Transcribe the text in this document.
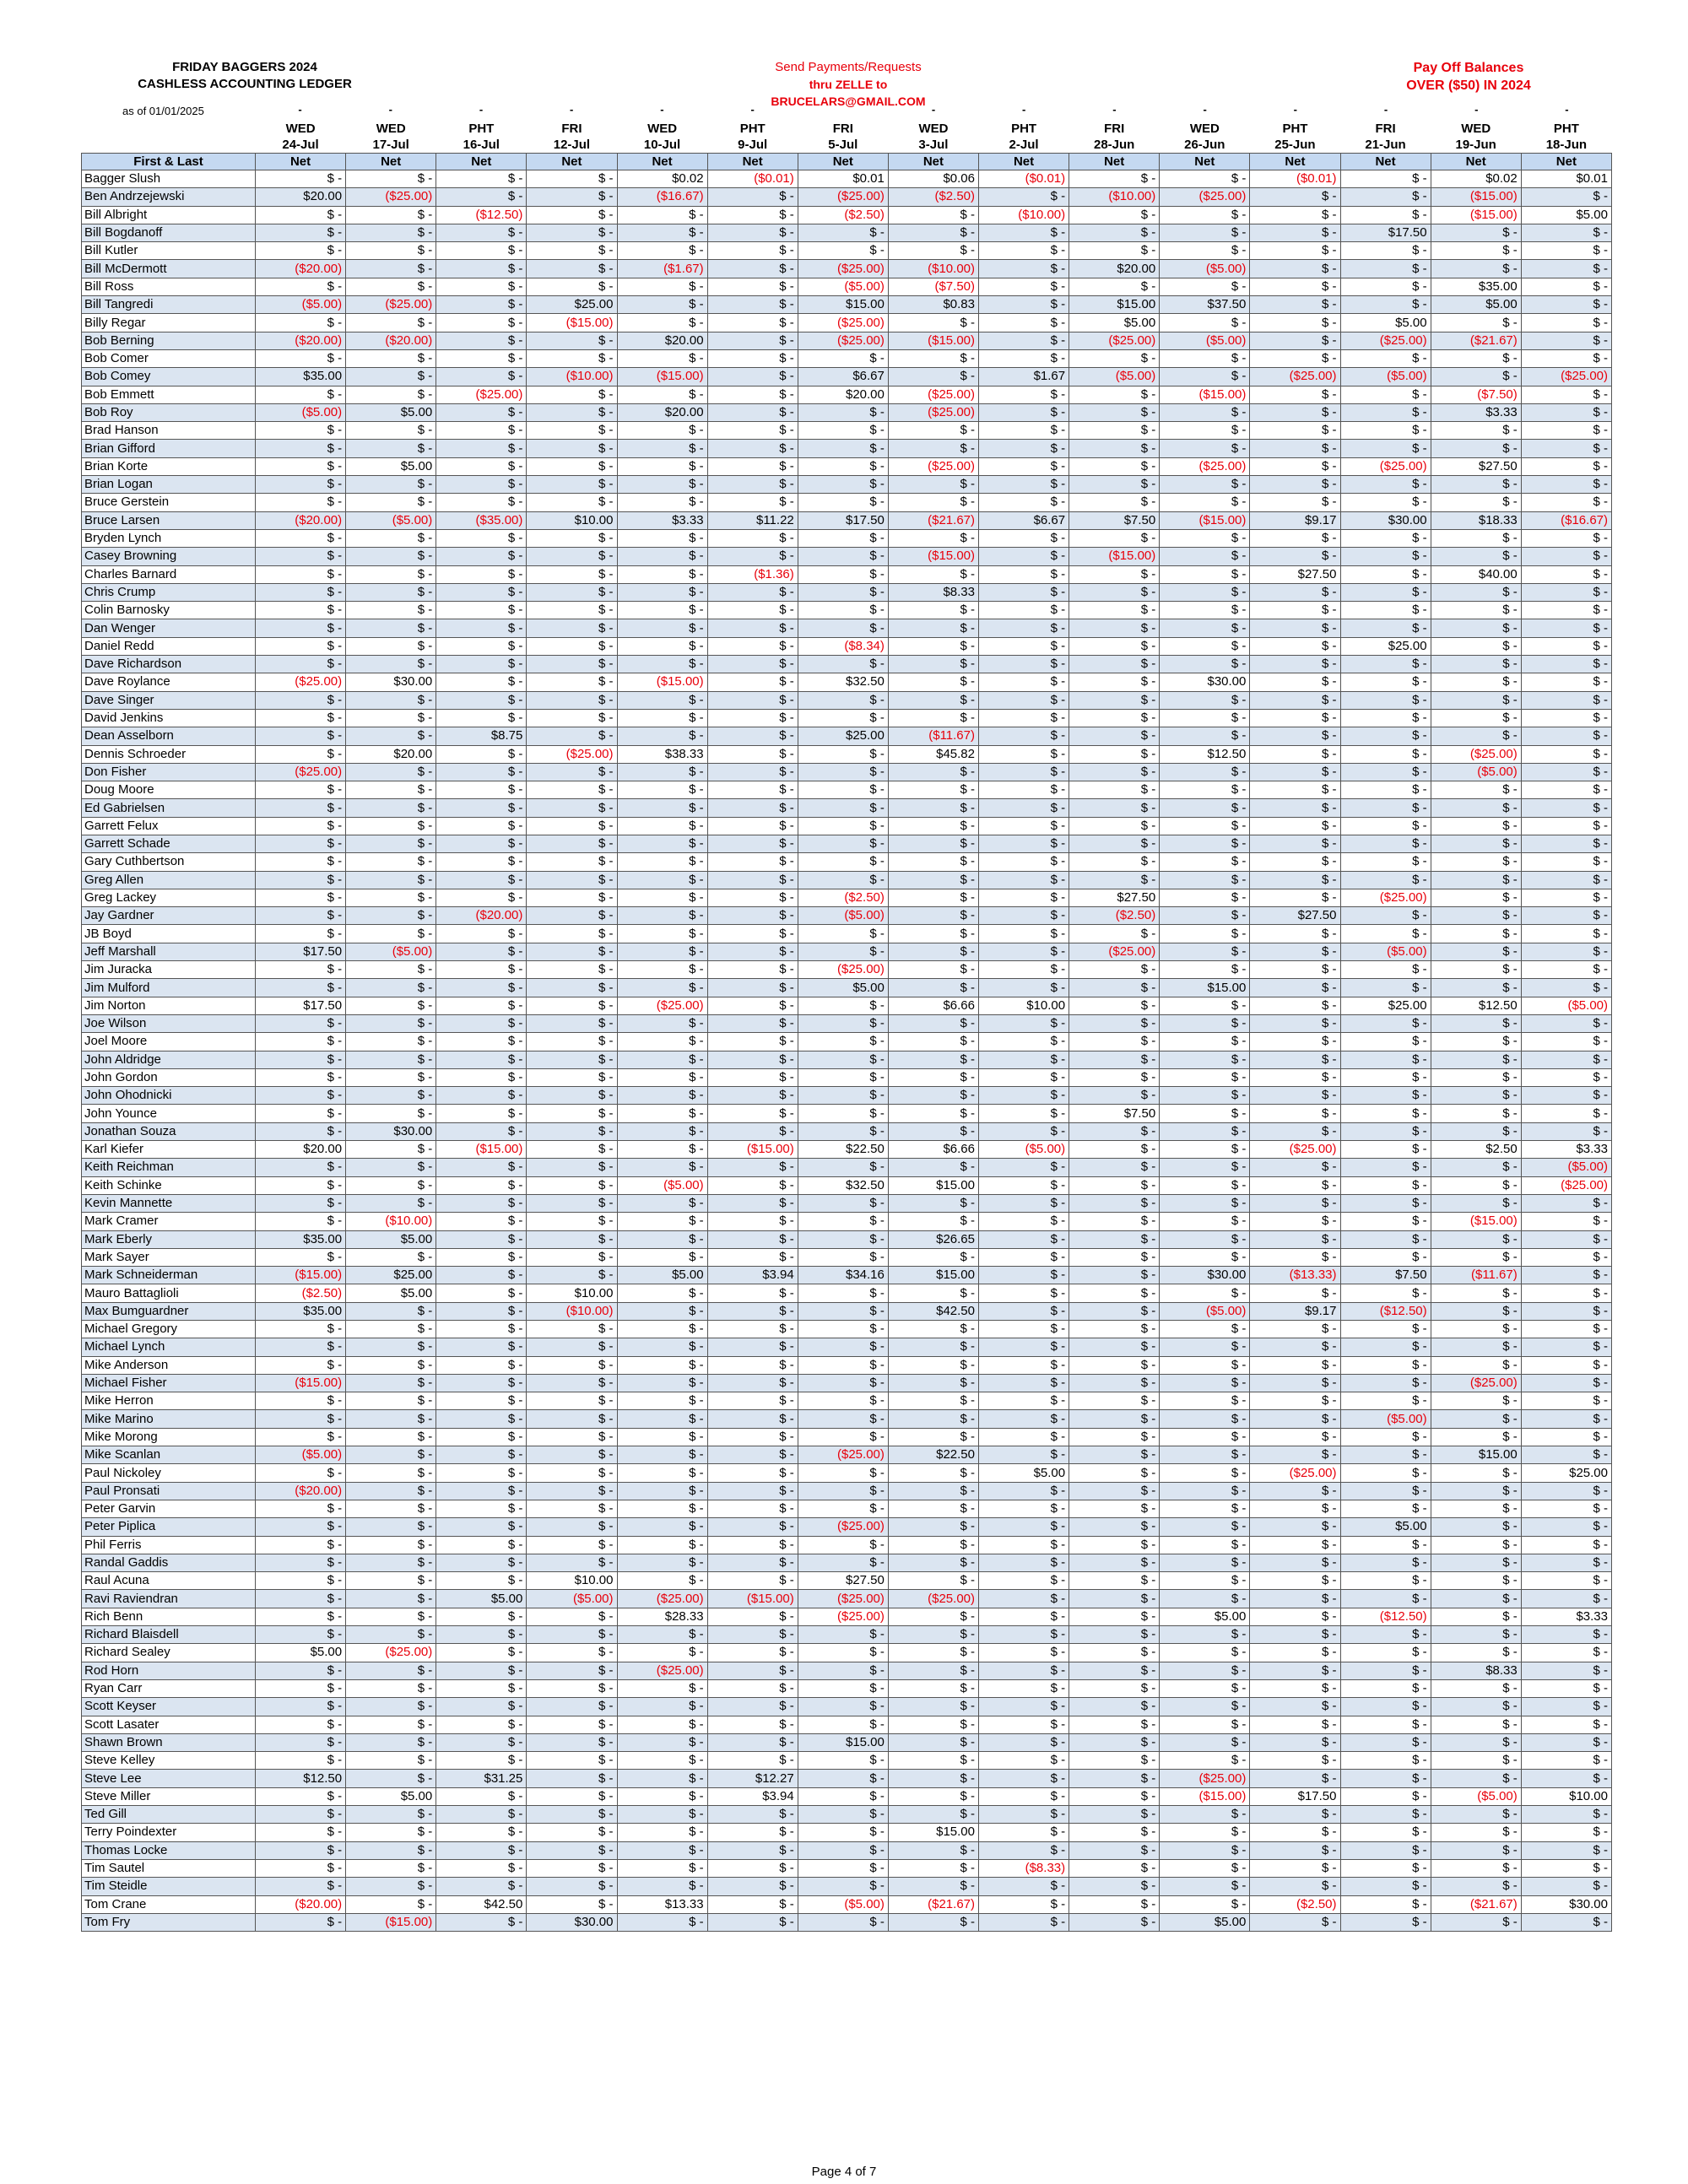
FRIDAY BAGGERS 2024
CASHLESS ACCOUNTING LEDGER
as of 01/01/2025
Send Payments/Requests
thru ZELLE to
BRUCELARS@GMAIL.COM
Pay Off Balances
OVER ($50) IN 2024
-	-	-	-	-	-	-	-	-	-	-	-	-	-
	WED	WED	PHT	FRI	WED	PHT	FRI	WED	PHT	FRI	WED	PHT	FRI	WED	PHT
	24-Jul	17-Jul	16-Jul	12-Jul	10-Jul	9-Jul	5-Jul	3-Jul	2-Jul	28-Jun	26-Jun	25-Jun	21-Jun	19-Jun	18-Jun
First & Last	Net	Net	Net	Net	Net	Net	Net	Net	Net	Net	Net	Net	Net	Net	Net
Bagger Slush	$ -	$ -	$ -	$ -	$0.02	($0.01)	$0.01	$0.06	($0.01)	$ -	$ -	($0.01)	$ -	$0.02	$0.01
Ben Andrzejewski	$20.00	($25.00)	$ -	$ -	($16.67)	$ -	($25.00)	($2.50)	$ -	($10.00)	($25.00)	$ -	$ -	($15.00)	$ -
Bill Albright	$ -	$ -	($12.50)	$ -	$ -	$ -	($2.50)	$ -	($10.00)	$ -	$ -	$ -	$ -	($15.00)	$5.00
Bill Bogdanoff	$ -	$ -	$ -	$ -	$ -	$ -	$ -	$ -	$ -	$ -	$ -	$ -	$17.50	$ -	$ -
Bill Kutler	$ -	$ -	$ -	$ -	$ -	$ -	$ -	$ -	$ -	$ -	$ -	$ -	$ -	$ -	$ -
Bill McDermott	($20.00)	$ -	$ -	$ -	($1.67)	$ -	($25.00)	($10.00)	$ -	$20.00	($5.00)	$ -	$ -	$ -	$ -
Bill Ross	$ -	$ -	$ -	$ -	$ -	$ -	($5.00)	($7.50)	$ -	$ -	$ -	$ -	$ -	$35.00	$ -
Bill Tangredi	($5.00)	($25.00)	$ -	$25.00	$ -	$ -	$15.00	$0.83	$ -	$15.00	$37.50	$ -	$ -	$5.00	$ -
Billy Regar	$ -	$ -	$ -	($15.00)	$ -	$ -	($25.00)	$ -	$ -	$5.00	$ -	$ -	$5.00	$ -	$ -
Bob Berning	($20.00)	($20.00)	$ -	$ -	$20.00	$ -	($25.00)	($15.00)	$ -	($25.00)	($5.00)	$ -	($25.00)	($21.67)	$ -
Bob Comer	$ -	$ -	$ -	$ -	$ -	$ -	$ -	$ -	$ -	$ -	$ -	$ -	$ -	$ -	$ -
Bob Comey	$35.00	$ -	$ -	($10.00)	($15.00)	$ -	$6.67	$ -	$1.67	($5.00)	$ -	($25.00)	($5.00)	$ -	($25.00)
Bob Emmett	$ -	$ -	($25.00)	$ -	$ -	$ -	$20.00	($25.00)	$ -	$ -	($15.00)	$ -	$ -	($7.50)	$ -
Bob Roy	($5.00)	$5.00	$ -	$ -	$20.00	$ -	$ -	($25.00)	$ -	$ -	$ -	$ -	$ -	$3.33	$ -
Brad Hanson	$ -	$ -	$ -	$ -	$ -	$ -	$ -	$ -	$ -	$ -	$ -	$ -	$ -	$ -	$ -
Brian Gifford	$ -	$ -	$ -	$ -	$ -	$ -	$ -	$ -	$ -	$ -	$ -	$ -	$ -	$ -	$ -
Brian Korte	$ -	$5.00	$ -	$ -	$ -	$ -	$ -	($25.00)	$ -	$ -	($25.00)	$ -	($25.00)	$27.50	$ -
Brian Logan	$ -	$ -	$ -	$ -	$ -	$ -	$ -	$ -	$ -	$ -	$ -	$ -	$ -	$ -	$ -
Bruce Gerstein	$ -	$ -	$ -	$ -	$ -	$ -	$ -	$ -	$ -	$ -	$ -	$ -	$ -	$ -	$ -
Bruce Larsen	($20.00)	($5.00)	($35.00)	$10.00	$3.33	$11.22	$17.50	($21.67)	$6.67	$7.50	($15.00)	$9.17	$30.00	$18.33	($16.67)
Bryden Lynch	$ -	$ -	$ -	$ -	$ -	$ -	$ -	$ -	$ -	$ -	$ -	$ -	$ -	$ -	$ -
Casey Browning	$ -	$ -	$ -	$ -	$ -	$ -	$ -	($15.00)	$ -	($15.00)	$ -	$ -	$ -	$ -	$ -
Charles Barnard	$ -	$ -	$ -	$ -	$ -	($1.36)	$ -	$ -	$ -	$ -	$ -	$27.50	$ -	$40.00	$ -
Chris Crump	$ -	$ -	$ -	$ -	$ -	$ -	$ -	$8.33	$ -	$ -	$ -	$ -	$ -	$ -	$ -
Colin Barnosky	$ -	$ -	$ -	$ -	$ -	$ -	$ -	$ -	$ -	$ -	$ -	$ -	$ -	$ -	$ -
Dan Wenger	$ -	$ -	$ -	$ -	$ -	$ -	$ -	$ -	$ -	$ -	$ -	$ -	$ -	$ -	$ -
Daniel Redd	$ -	$ -	$ -	$ -	$ -	$ -	($8.34)	$ -	$ -	$ -	$ -	$ -	$25.00	$ -	$ -
Dave Richardson	$ -	$ -	$ -	$ -	$ -	$ -	$ -	$ -	$ -	$ -	$ -	$ -	$ -	$ -	$ -
Dave Roylance	($25.00)	$30.00	$ -	$ -	($15.00)	$ -	$32.50	$ -	$ -	$ -	$30.00	$ -	$ -	$ -	$ -
Dave Singer	$ -	$ -	$ -	$ -	$ -	$ -	$ -	$ -	$ -	$ -	$ -	$ -	$ -	$ -	$ -
David Jenkins	$ -	$ -	$ -	$ -	$ -	$ -	$ -	$ -	$ -	$ -	$ -	$ -	$ -	$ -	$ -
Dean Asselborn	$ -	$ -	$8.75	$ -	$ -	$ -	$25.00	($11.67)	$ -	$ -	$ -	$ -	$ -	$ -	$ -
Dennis Schroeder	$ -	$20.00	$ -	($25.00)	$38.33	$ -	$ -	$45.82	$ -	$ -	$12.50	$ -	$ -	($25.00)	$ -
Don Fisher	($25.00)	$ -	$ -	$ -	$ -	$ -	$ -	$ -	$ -	$ -	$ -	$ -	$ -	($5.00)	$ -
Doug Moore	$ -	$ -	$ -	$ -	$ -	$ -	$ -	$ -	$ -	$ -	$ -	$ -	$ -	$ -	$ -
Ed Gabrielsen	$ -	$ -	$ -	$ -	$ -	$ -	$ -	$ -	$ -	$ -	$ -	$ -	$ -	$ -	$ -
Garrett Felux	$ -	$ -	$ -	$ -	$ -	$ -	$ -	$ -	$ -	$ -	$ -	$ -	$ -	$ -	$ -
Garrett Schade	$ -	$ -	$ -	$ -	$ -	$ -	$ -	$ -	$ -	$ -	$ -	$ -	$ -	$ -	$ -
Gary Cuthbertson	$ -	$ -	$ -	$ -	$ -	$ -	$ -	$ -	$ -	$ -	$ -	$ -	$ -	$ -	$ -
Greg Allen	$ -	$ -	$ -	$ -	$ -	$ -	$ -	$ -	$ -	$ -	$ -	$ -	$ -	$ -	$ -
Greg Lackey	$ -	$ -	$ -	$ -	$ -	$ -	($2.50)	$ -	$ -	$27.50	$ -	$ -	($25.00)	$ -	$ -
Jay Gardner	$ -	$ -	($20.00)	$ -	$ -	$ -	($5.00)	$ -	$ -	($2.50)	$ -	$27.50	$ -	$ -	$ -
JB Boyd	$ -	$ -	$ -	$ -	$ -	$ -	$ -	$ -	$ -	$ -	$ -	$ -	$ -	$ -	$ -
Jeff Marshall	$17.50	($5.00)	$ -	$ -	$ -	$ -	$ -	$ -	$ -	($25.00)	$ -	$ -	($5.00)	$ -	$ -
Jim Juracka	$ -	$ -	$ -	$ -	$ -	$ -	($25.00)	$ -	$ -	$ -	$ -	$ -	$ -	$ -	$ -
Jim Mulford	$ -	$ -	$ -	$ -	$ -	$ -	$5.00	$ -	$ -	$ -	$15.00	$ -	$ -	$ -	$ -
Jim Norton	$17.50	$ -	$ -	$ -	($25.00)	$ -	$ -	$6.66	$10.00	$ -	$ -	$ -	$25.00	$12.50	($5.00)
Joe Wilson	$ -	$ -	$ -	$ -	$ -	$ -	$ -	$ -	$ -	$ -	$ -	$ -	$ -	$ -	$ -
Joel Moore	$ -	$ -	$ -	$ -	$ -	$ -	$ -	$ -	$ -	$ -	$ -	$ -	$ -	$ -	$ -
John Aldridge	$ -	$ -	$ -	$ -	$ -	$ -	$ -	$ -	$ -	$ -	$ -	$ -	$ -	$ -	$ -
John Gordon	$ -	$ -	$ -	$ -	$ -	$ -	$ -	$ -	$ -	$ -	$ -	$ -	$ -	$ -	$ -
John Ohodnicki	$ -	$ -	$ -	$ -	$ -	$ -	$ -	$ -	$ -	$ -	$ -	$ -	$ -	$ -	$ -
John Younce	$ -	$ -	$ -	$ -	$ -	$ -	$ -	$ -	$ -	$7.50	$ -	$ -	$ -	$ -	$ -
Jonathan Souza	$ -	$30.00	$ -	$ -	$ -	$ -	$ -	$ -	$ -	$ -	$ -	$ -	$ -	$ -	$ -
Karl Kiefer	$20.00	$ -	($15.00)	$ -	$ -	($15.00)	$22.50	$6.66	($5.00)	$ -	$ -	($25.00)	$ -	$2.50	$3.33
Keith Reichman	$ -	$ -	$ -	$ -	$ -	$ -	$ -	$ -	$ -	$ -	$ -	$ -	$ -	$ -	($5.00)
Keith Schinke	$ -	$ -	$ -	$ -	($5.00)	$ -	$32.50	$15.00	$ -	$ -	$ -	$ -	$ -	$ -	($25.00)
Kevin Mannette	$ -	$ -	$ -	$ -	$ -	$ -	$ -	$ -	$ -	$ -	$ -	$ -	$ -	$ -	$ -
Mark Cramer	$ -	($10.00)	$ -	$ -	$ -	$ -	$ -	$ -	$ -	$ -	$ -	$ -	$ -	($15.00)	$ -
Mark Eberly	$35.00	$5.00	$ -	$ -	$ -	$ -	$ -	$26.65	$ -	$ -	$ -	$ -	$ -	$ -	$ -
Mark Sayer	$ -	$ -	$ -	$ -	$ -	$ -	$ -	$ -	$ -	$ -	$ -	$ -	$ -	$ -	$ -
Mark Schneiderman	($15.00)	$25.00	$ -	$ -	$5.00	$3.94	$34.16	$15.00	$ -	$ -	$30.00	($13.33)	$7.50	($11.67)	$ -
Mauro Battaglioli	($2.50)	$5.00	$ -	$10.00	$ -	$ -	$ -	$ -	$ -	$ -	$ -	$ -	$ -	$ -	$ -
Max Bumguardner	$35.00	$ -	$ -	($10.00)	$ -	$ -	$ -	$42.50	$ -	$ -	($5.00)	$9.17	($12.50)	$ -	$ -
Michael Gregory	$ -	$ -	$ -	$ -	$ -	$ -	$ -	$ -	$ -	$ -	$ -	$ -	$ -	$ -	$ -
Michael Lynch	$ -	$ -	$ -	$ -	$ -	$ -	$ -	$ -	$ -	$ -	$ -	$ -	$ -	$ -	$ -
Mike Anderson	$ -	$ -	$ -	$ -	$ -	$ -	$ -	$ -	$ -	$ -	$ -	$ -	$ -	$ -	$ -
Michael Fisher	($15.00)	$ -	$ -	$ -	$ -	$ -	$ -	$ -	$ -	$ -	$ -	$ -	$ -	($25.00)	$ -
Mike Herron	$ -	$ -	$ -	$ -	$ -	$ -	$ -	$ -	$ -	$ -	$ -	$ -	$ -	$ -	$ -
Mike Marino	$ -	$ -	$ -	$ -	$ -	$ -	$ -	$ -	$ -	$ -	$ -	$ -	($5.00)	$ -	$ -
Mike Morong	$ -	$ -	$ -	$ -	$ -	$ -	$ -	$ -	$ -	$ -	$ -	$ -	$ -	$ -	$ -
Mike Scanlan	($5.00)	$ -	$ -	$ -	$ -	$ -	($25.00)	$22.50	$ -	$ -	$ -	$ -	$ -	$15.00	$ -
Paul Nickoley	$ -	$ -	$ -	$ -	$ -	$ -	$ -	$ -	$5.00	$ -	$ -	($25.00)	$ -	$ -	$25.00
Paul Pronsati	($20.00)	$ -	$ -	$ -	$ -	$ -	$ -	$ -	$ -	$ -	$ -	$ -	$ -	$ -	$ -
Peter Garvin	$ -	$ -	$ -	$ -	$ -	$ -	$ -	$ -	$ -	$ -	$ -	$ -	$ -	$ -	$ -
Peter Piplica	$ -	$ -	$ -	$ -	$ -	$ -	($25.00)	$ -	$ -	$ -	$ -	$ -	$5.00	$ -	$ -
Phil Ferris	$ -	$ -	$ -	$ -	$ -	$ -	$ -	$ -	$ -	$ -	$ -	$ -	$ -	$ -	$ -
Randal Gaddis	$ -	$ -	$ -	$ -	$ -	$ -	$ -	$ -	$ -	$ -	$ -	$ -	$ -	$ -	$ -
Raul Acuna	$ -	$ -	$ -	$10.00	$ -	$ -	$27.50	$ -	$ -	$ -	$ -	$ -	$ -	$ -	$ -
Ravi Raviendran	$ -	$ -	$5.00	($5.00)	($25.00)	($15.00)	($25.00)	($25.00)	$ -	$ -	$ -	$ -	$ -	$ -	$ -
Rich Benn	$ -	$ -	$ -	$ -	$28.33	$ -	($25.00)	$ -	$ -	$ -	$5.00	$ -	($12.50)	$ -	$3.33
Richard Blaisdell	$ -	$ -	$ -	$ -	$ -	$ -	$ -	$ -	$ -	$ -	$ -	$ -	$ -	$ -	$ -
Richard Sealey	$5.00	($25.00)	$ -	$ -	$ -	$ -	$ -	$ -	$ -	$ -	$ -	$ -	$ -	$ -	$ -
Rod Horn	$ -	$ -	$ -	$ -	($25.00)	$ -	$ -	$ -	$ -	$ -	$ -	$ -	$ -	$8.33	$ -
Ryan Carr	$ -	$ -	$ -	$ -	$ -	$ -	$ -	$ -	$ -	$ -	$ -	$ -	$ -	$ -	$ -
Scott Keyser	$ -	$ -	$ -	$ -	$ -	$ -	$ -	$ -	$ -	$ -	$ -	$ -	$ -	$ -	$ -
Scott Lasater	$ -	$ -	$ -	$ -	$ -	$ -	$ -	$ -	$ -	$ -	$ -	$ -	$ -	$ -	$ -
Shawn Brown	$ -	$ -	$ -	$ -	$ -	$ -	$15.00	$ -	$ -	$ -	$ -	$ -	$ -	$ -	$ -
Steve Kelley	$ -	$ -	$ -	$ -	$ -	$ -	$ -	$ -	$ -	$ -	$ -	$ -	$ -	$ -	$ -
Steve Lee	$12.50	$ -	$31.25	$ -	$ -	$12.27	$ -	$ -	$ -	$ -	($25.00)	$ -	$ -	$ -	$ -
Steve Miller	$ -	$5.00	$ -	$ -	$ -	$3.94	$ -	$ -	$ -	$ -	($15.00)	$17.50	$ -	($5.00)	$10.00
Ted Gill	$ -	$ -	$ -	$ -	$ -	$ -	$ -	$ -	$ -	$ -	$ -	$ -	$ -	$ -	$ -
Terry Poindexter	$ -	$ -	$ -	$ -	$ -	$ -	$ -	$15.00	$ -	$ -	$ -	$ -	$ -	$ -	$ -
Thomas Locke	$ -	$ -	$ -	$ -	$ -	$ -	$ -	$ -	$ -	$ -	$ -	$ -	$ -	$ -	$ -
Tim Sautel	$ -	$ -	$ -	$ -	$ -	$ -	$ -	$ -	($8.33)	$ -	$ -	$ -	$ -	$ -	$ -
Tim Steidle	$ -	$ -	$ -	$ -	$ -	$ -	$ -	$ -	$ -	$ -	$ -	$ -	$ -	$ -	$ -
Tom Crane	($20.00)	$ -	$42.50	$ -	$13.33	$ -	($5.00)	($21.67)	$ -	$ -	$ -	($2.50)	$ -	($21.67)	$30.00
Tom Fry	$ -	($15.00)	$ -	$30.00	$ -	$ -	$ -	$ -	$ -	$ -	$5.00	$ -	$ -	$ -	$ -
Page 4 of 7
